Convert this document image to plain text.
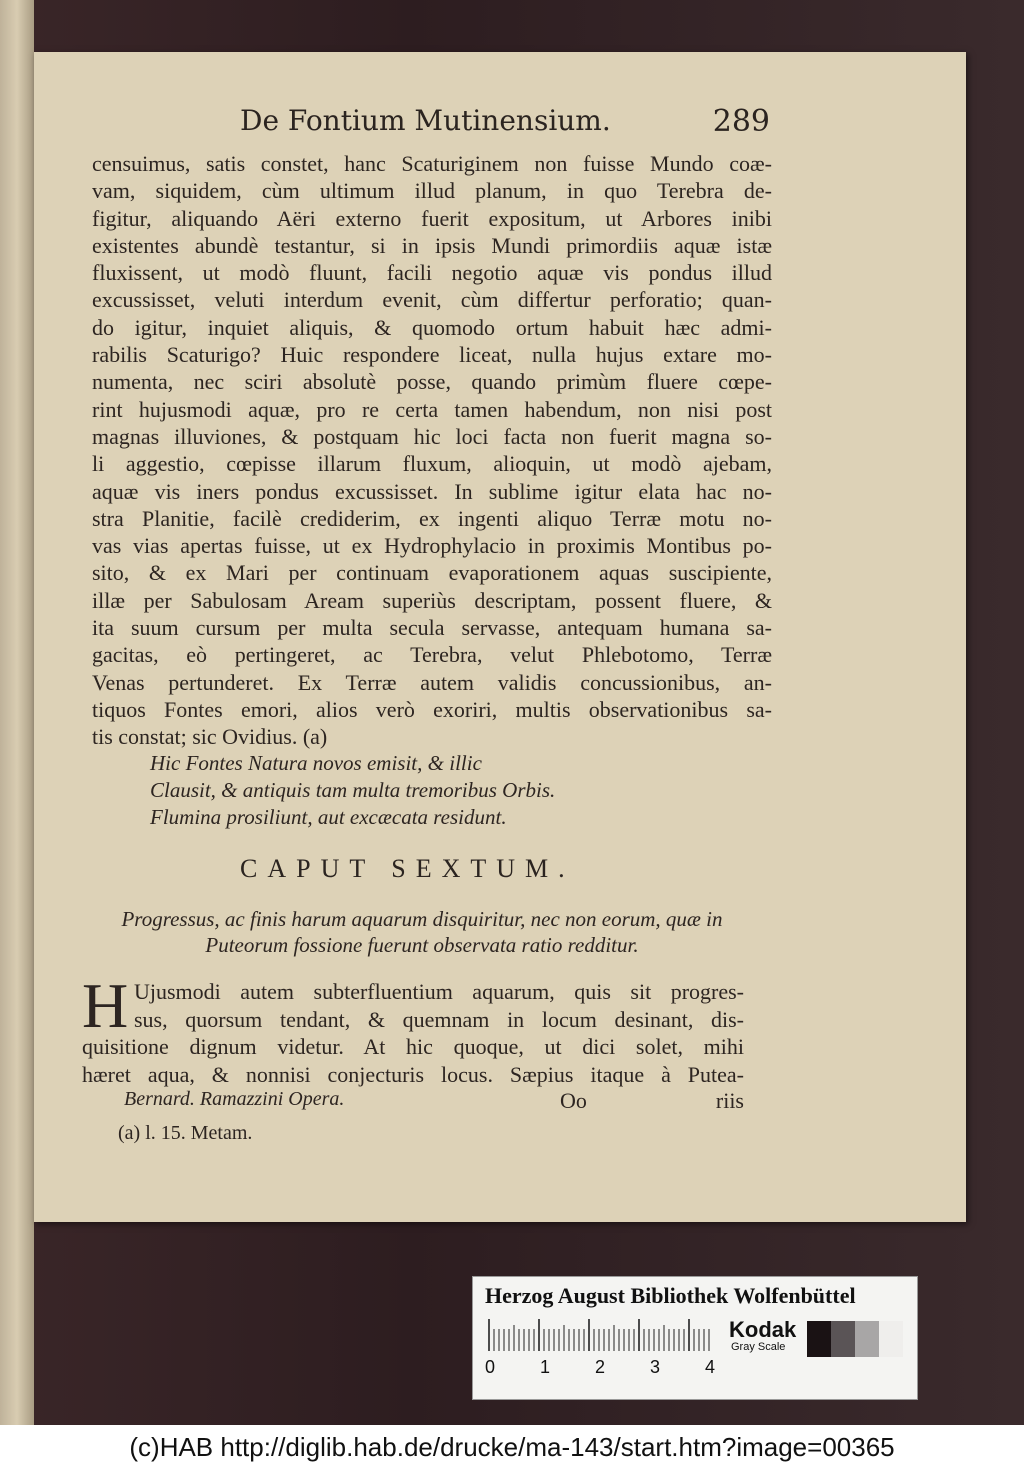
De Fontium Mutinensium.	289
censuimus, satis constet, hanc Scaturiginem non fuisse Mundo coæ-
vam, siquidem, cùm ultimum illud planum, in quo Terebra de-
figitur, aliquando Aëri externo fuerit expositum, ut Arbores inibi
existentes abundè testantur, si in ipsis Mundi primordiis aquæ istæ
fluxissent, ut modò fluunt, facili negotio aquæ vis pondus illud
excussisset, veluti interdum evenit, cùm differtur perforatio; quan-
do igitur, inquiet aliquis, & quomodo ortum habuit hæc admi-
rabilis Scaturigo? Huic respondere liceat, nulla hujus extare mo-
numenta, nec sciri absolutè posse, quando primùm fluere cœpe-
rint hujusmodi aquæ, pro re certa tamen habendum, non nisi post
magnas illuviones, & postquam hic loci facta non fuerit magna so-
li aggestio, cœpisse illarum fluxum, alioquin, ut modò ajebam,
aquæ vis iners pondus excussisset. In sublime igitur elata hac no-
stra Planitie, facilè crediderim, ex ingenti aliquo Terræ motu no-
vas vias apertas fuisse, ut ex Hydrophylacio in proximis Montibus po-
sito, & ex Mari per continuam evaporationem aquas suscipiente,
illæ per Sabulosam Aream superiùs descriptam, possent fluere, &
ita suum cursum per multa secula servasse, antequam humana sa-
gacitas, eò pertingeret, ac Terebra, velut Phlebotomo, Terræ
Venas pertunderet. Ex Terræ autem validis concussionibus, an-
tiquos Fontes emori, alios verò exoriri, multis observationibus sa-
tis constat; sic Ovidius. (a)
Hic Fontes Natura novos emisit, & illic
Clausit, & antiquis tam multa tremoribus Orbis.
Flumina prosiliunt, aut excæcata residunt.
CAPUT SEXTUM.
Progressus, ac finis harum aquarum disquiritur, nec non eorum, quæ in
Puteorum fossione fuerunt observata ratio redditur.
H Ujusmodi autem subterfluentium aquarum, quis sit progres-
sus, quorsum tendant, & quemnam in locum desinant, dis-
quisitione dignum videtur. At hic quoque, ut dici solet, mihi
hæret aqua, & nonnisi conjecturis locus. Sæpius itaque à Putea-
Bernard. Ramazzini Opera.	Oo	riis
(a) l. 15. Metam.
Herzog August Bibliothek Wolfenbüttel
0 1 2 3 4
Kodak
Gray Scale
(c)HAB http://diglib.hab.de/drucke/ma-143/start.htm?image=00365
